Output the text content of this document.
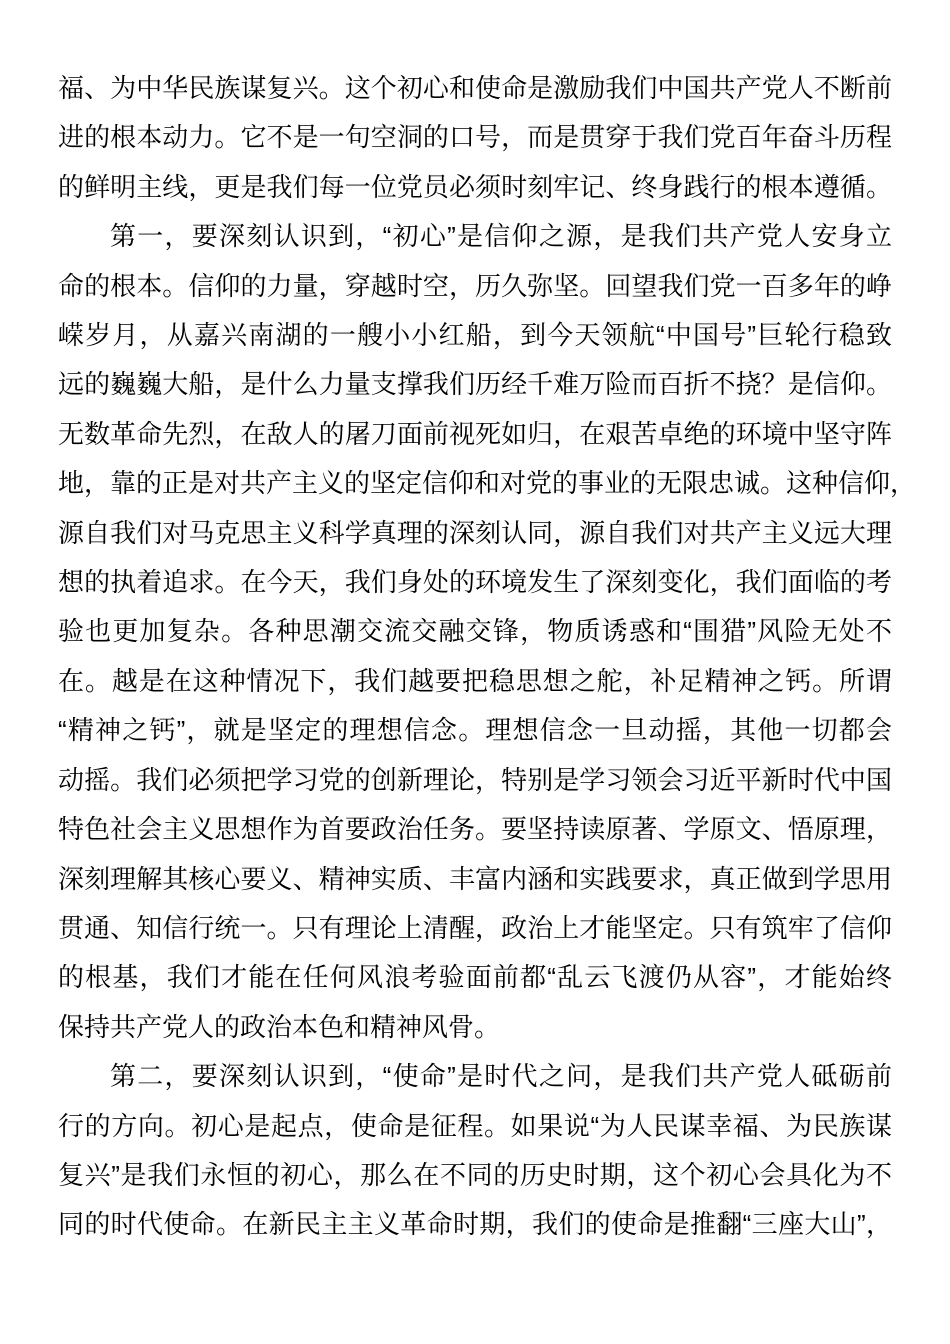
福、为中华民族谋复兴。这个初心和使命是激励我们中国共产党人不断前
进的根本动力。它不是一句空洞的口号，而是贯穿于我们党百年奋斗历程
的鲜明主线，更是我们每一位党员必须时刻牢记、终身践行的根本遵循。
第一，要深刻认识到，“初心”是信仰之源，是我们共产党人安身立
命的根本。信仰的力量，穿越时空，历久弥坚。回望我们党一百多年的峥
嵘岁月，从嘉兴南湖的一艘小小红船，到今天领航“中国号”巨轮行稳致
远的巍巍大船，是什么力量支撑我们历经千难万险而百折不挠？是信仰。
无数革命先烈，在敌人的屠刀面前视死如归，在艰苦卓绝的环境中坚守阵
地，靠的正是对共产主义的坚定信仰和对党的事业的无限忠诚。这种信仰，
源自我们对马克思主义科学真理的深刻认同，源自我们对共产主义远大理
想的执着追求。在今天，我们身处的环境发生了深刻变化，我们面临的考
验也更加复杂。各种思潮交流交融交锋，物质诱惑和“围猎”风险无处不
在。越是在这种情况下，我们越要把稳思想之舵，补足精神之钙。所谓
“精神之钙”，就是坚定的理想信念。理想信念一旦动摇，其他一切都会
动摇。我们必须把学习党的创新理论，特别是学习领会习近平新时代中国
特色社会主义思想作为首要政治任务。要坚持读原著、学原文、悟原理，
深刻理解其核心要义、精神实质、丰富内涵和实践要求，真正做到学思用
贯通、知信行统一。只有理论上清醒，政治上才能坚定。只有筑牢了信仰
的根基，我们才能在任何风浪考验面前都“乱云飞渡仍从容”，才能始终
保持共产党人的政治本色和精神风骨。
第二，要深刻认识到，“使命”是时代之问，是我们共产党人砥砺前
行的方向。初心是起点，使命是征程。如果说“为人民谋幸福、为民族谋
复兴”是我们永恒的初心，那么在不同的历史时期，这个初心会具化为不
同的时代使命。在新民主主义革命时期，我们的使命是推翻“三座大山”，
